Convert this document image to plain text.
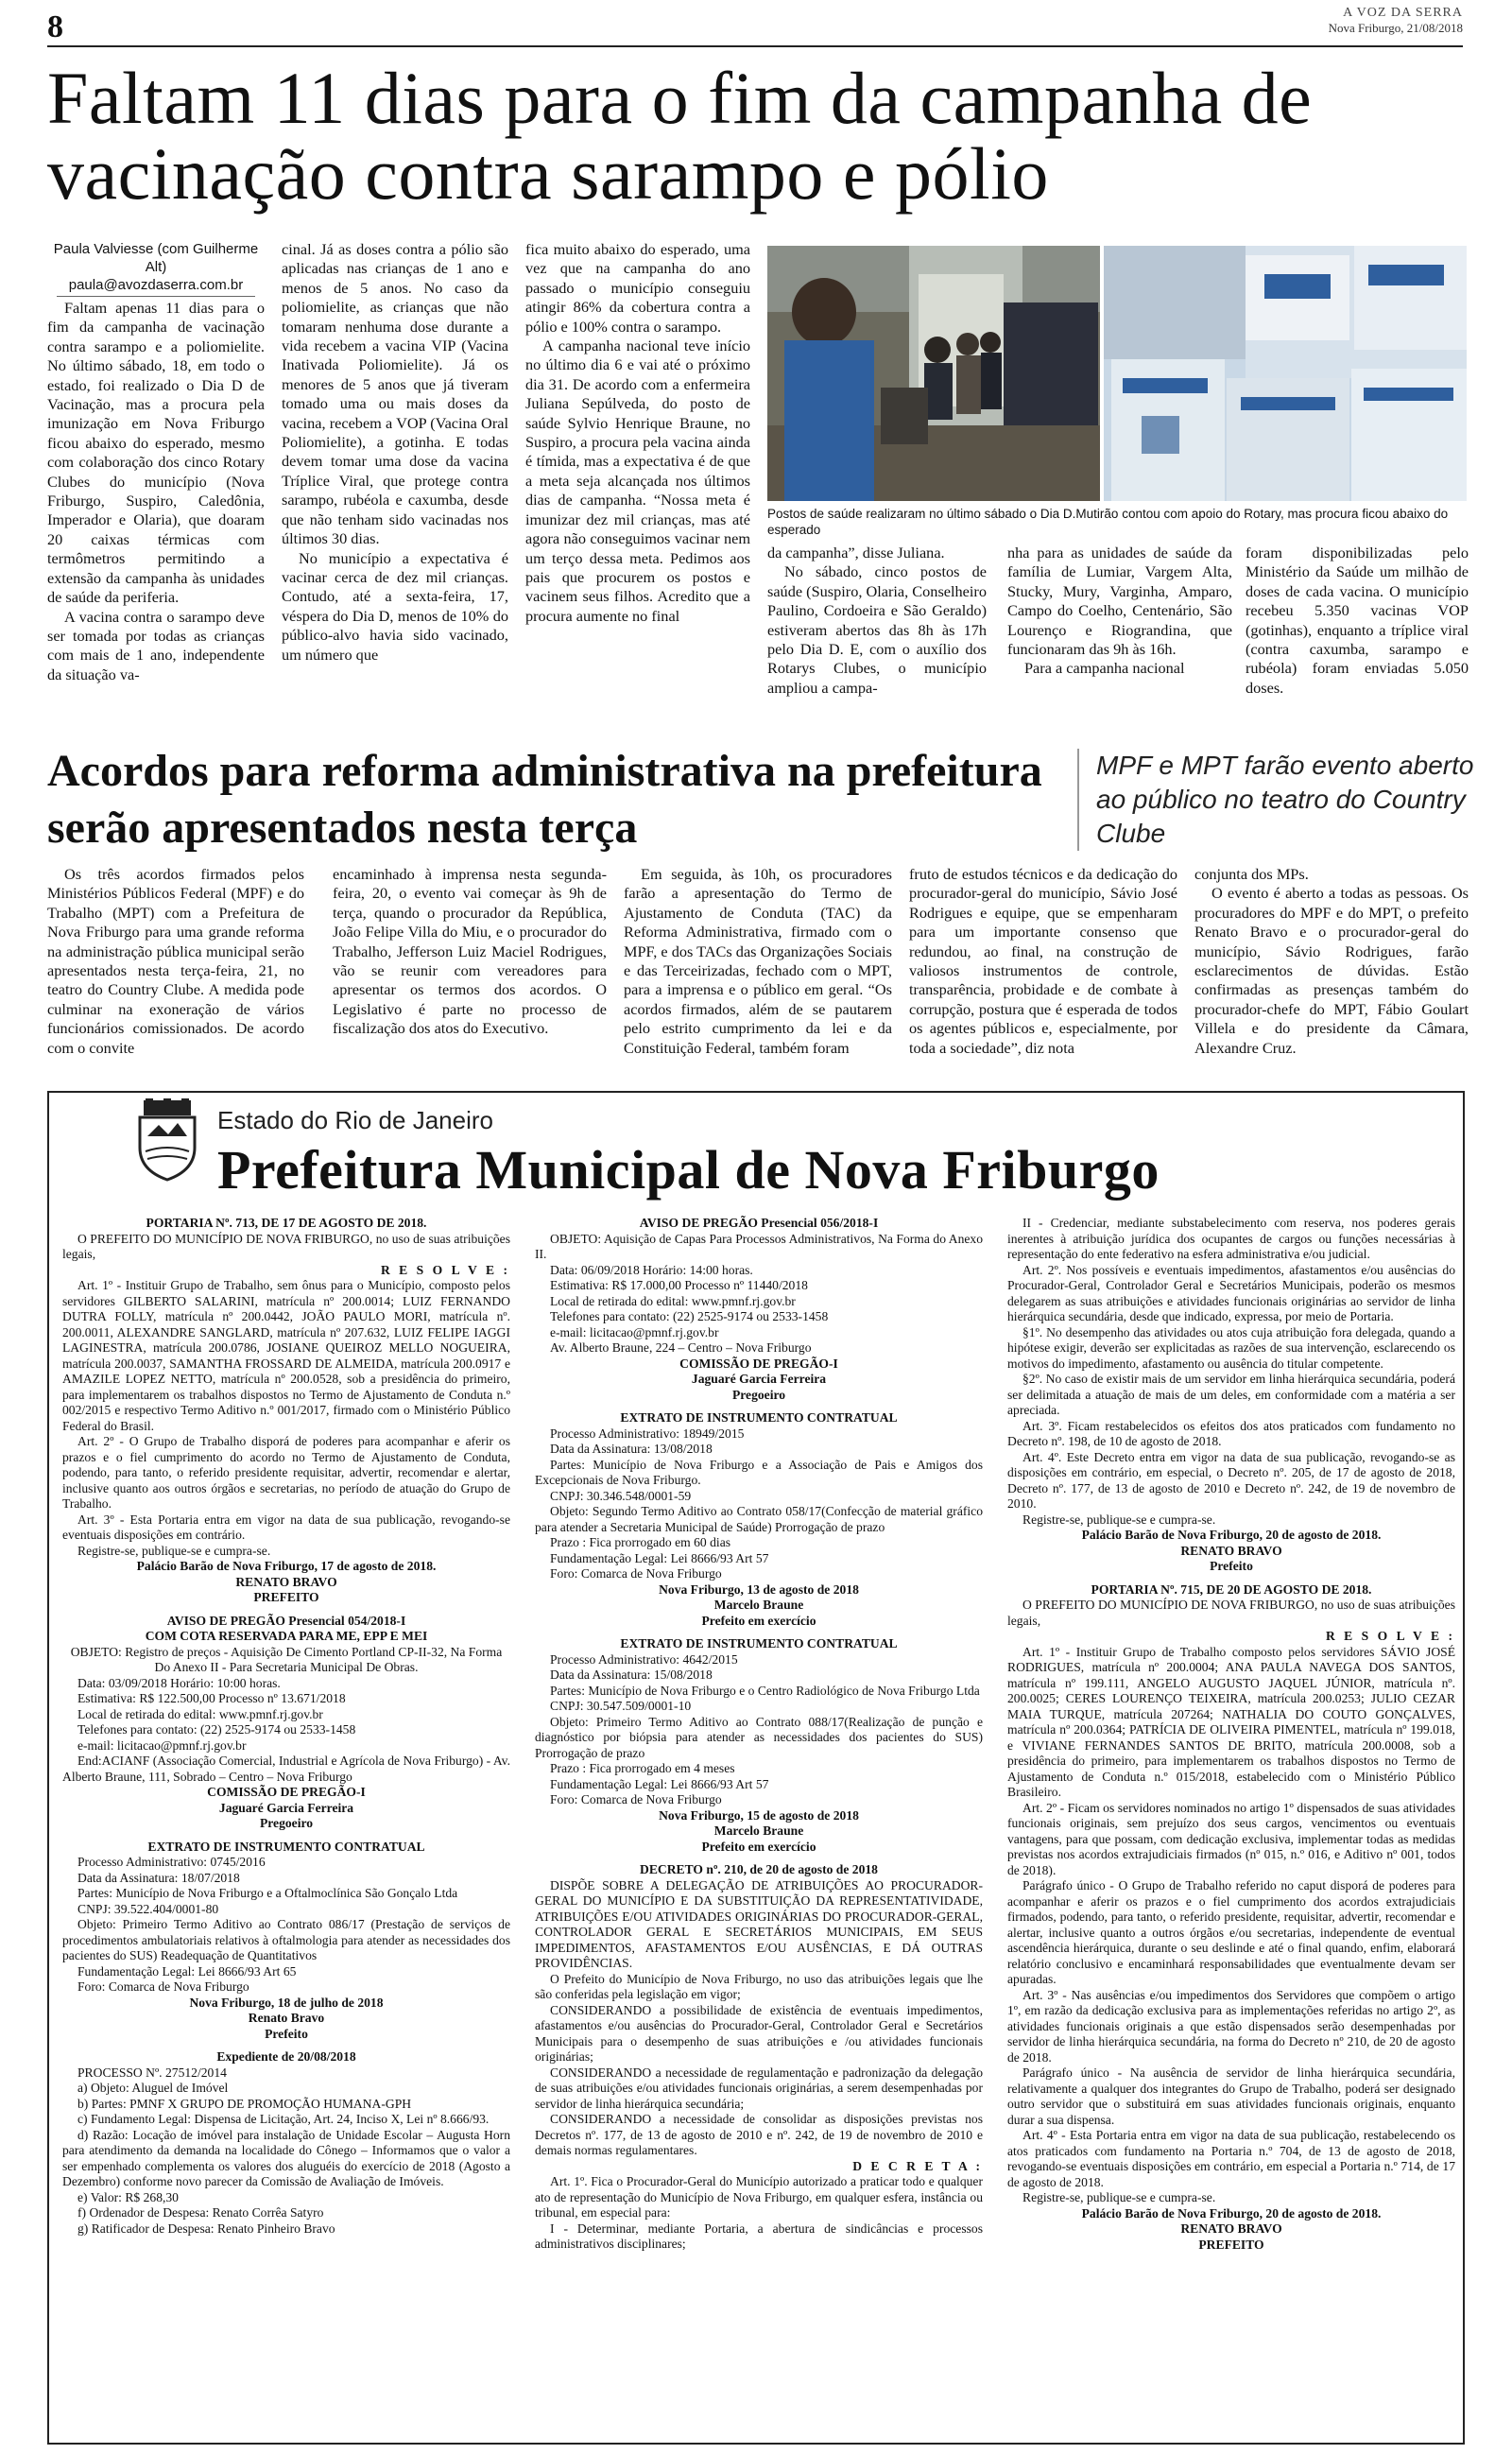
8	A VOZ DA SERRA
Nova Friburgo, 21/08/2018
Faltam 11 dias para o fim da campanha de vacinação contra sarampo e pólio
Paula Valviesse (com Guilherme Alt)
paula@avozdaserra.com.br

Faltam apenas 11 dias para o fim da campanha de vacinação contra sarampo e a poliomielite. No último sábado, 18, em todo o estado, foi realizado o Dia D de Vacinação, mas a procura pela imunização em Nova Friburgo ficou abaixo do esperado, mesmo com colaboração dos cinco Rotary Clubes do município (Nova Friburgo, Suspiro, Caledônia, Imperador e Olaria), que doaram 20 caixas térmicas com termômetros permitindo a extensão da campanha às unidades de saúde da periferia.

A vacina contra o sarampo deve ser tomada por todas as crianças com mais de 1 ano, independente da situação va-

cinal. Já as doses contra a pólio são aplicadas nas crianças de 1 ano e menos de 5 anos. No caso da poliomielite, as crianças que não tomaram nenhuma dose durante a vida recebem a vacina VIP (Vacina Inativada Poliomielite). Já os menores de 5 anos que já tiveram tomado uma ou mais doses da vacina, recebem a VOP (Vacina Oral Poliomielite), a gotinha. E todas devem tomar uma dose da vacina Tríplice Viral, que protege contra sarampo, rubéola e caxumba, desde que não tenham sido vacinadas nos últimos 30 dias.

No município a expectativa é vacinar cerca de dez mil crianças. Contudo, até a sexta-feira, 17, véspera do Dia D, menos de 10% do público-alvo havia sido vacinado, um número que

fica muito abaixo do esperado, uma vez que na campanha do ano passado o município conseguiu atingir 86% da cobertura contra a pólio e 100% contra o sarampo.

A campanha nacional teve início no último dia 6 e vai até o próximo dia 31. De acordo com a enfermeira Juliana Sepúlveda, do posto de saúde Sylvio Henrique Braune, no Suspiro, a procura pela vacina ainda é tímida, mas a expectativa é de que a meta seja alcançada nos últimos dias de campanha. “Nossa meta é imunizar dez mil crianças, mas até agora não conseguimos vacinar nem um terço dessa meta. Pedimos aos pais que procurem os postos e vacinem seus filhos. Acredito que a procura aumente no final

Postos de saúde realizaram no último sábado o Dia D.Mutirão contou com apoio do Rotary, mas procura ficou abaixo do esperado

da campanha”, disse Juliana.

No sábado, cinco postos de saúde (Suspiro, Olaria, Conselheiro Paulino, Cordoeira e São Geraldo) estiveram abertos das 8h às 17h pelo Dia D. E, com o auxílio dos Rotarys Clubes, o município ampliou a campa-

nha para as unidades de saúde da família de Lumiar, Vargem Alta, Stucky, Mury, Varginha, Amparo, Campo do Coelho, Centenário, São Lourenço e Riograndina, que funcionaram das 9h às 16h.

Para a campanha nacional

foram disponibilizadas pelo Ministério da Saúde um milhão de doses de cada vacina. O município recebeu 5.350 vacinas VOP (gotinhas), enquanto a tríplice viral (contra caxumba, sarampo e rubéola) foram enviadas 5.050 doses.

Acordos para reforma administrativa na prefeitura serão apresentados nesta terça
MPF e MPT farão evento aberto ao público no teatro do Country Clube

Os três acordos firmados pelos Ministérios Públicos Federal (MPF) e do Trabalho (MPT) com a Prefeitura de Nova Friburgo para uma grande reforma na administração pública municipal serão apresentados nesta terça-feira, 21, no teatro do Country Clube. A medida pode culminar na exoneração de vários funcionários comissionados. De acordo com o convite

encaminhado à imprensa nesta segunda-feira, 20, o evento vai começar às 9h de terça, quando o procurador da República, João Felipe Villa do Miu, e o procurador do Trabalho, Jefferson Luiz Maciel Rodrigues, vão se reunir com vereadores para apresentar os termos dos acordos. O Legislativo é parte no processo de fiscalização dos atos do Executivo.

Em seguida, às 10h, os procuradores farão a apresentação do Termo de Ajustamento de Conduta (TAC) da Reforma Administrativa, firmado com o MPF, e dos TACs das Organizações Sociais e das Terceirizadas, fechado com o MPT, para a imprensa e o público em geral. “Os acordos firmados, além de se pautarem pelo estrito cumprimento da lei e da Constituição Federal, também foram

fruto de estudos técnicos e da dedicação do procurador-geral do município, Sávio José Rodrigues e equipe, que se empenharam para um importante consenso que redundou, ao final, na construção de valiosos instrumentos de controle, transparência, probidade e de combate à corrupção, postura que é esperada de todos os agentes públicos e, especialmente, por toda a sociedade”, diz nota

conjunta dos MPs.

O evento é aberto a todas as pessoas. Os procuradores do MPF e do MPT, o prefeito Renato Bravo e o procurador-geral do município, Sávio Rodrigues, farão esclarecimentos de dúvidas. Estão confirmadas as presenças também do procurador-chefe do MPT, Fábio Goulart Villela e do presidente da Câmara, Alexandre Cruz.

Estado do Rio de Janeiro
Prefeitura Municipal de Nova Friburgo

PORTARIA Nº. 713, DE 17 DE AGOSTO DE 2018.

O PREFEITO DO MUNICÍPIO DE NOVA FRIBURGO, no uso de suas atribuições legais,

R E S O L V E :

Art. 1º - Instituir Grupo de Trabalho, sem ônus para o Município, composto pelos servidores GILBERTO SALARINI, matrícula nº 200.0014; LUIZ FERNANDO DUTRA FOLLY, matrícula nº 200.0442, JOÃO PAULO MORI, matrícula nº. 200.0011, ALEXANDRE SANGLARD, matrícula nº 207.632, LUIZ FELIPE IAGGI LAGINESTRA, matrícula 200.0786, JOSIANE QUEIROZ MELLO NOGUEIRA, matrícula 200.0037, SAMANTHA FROSSARD DE ALMEIDA, matrícula 200.0917 e AMAZILE LOPEZ NETTO, matrícula nº 200.0528, sob a presidência do primeiro, para implementarem os trabalhos dispostos no Termo de Ajustamento de Conduta n.º 002/2015 e respectivo Termo Aditivo n.º 001/2017, firmado com o Ministério Público Federal do Brasil.

Art. 2º - O Grupo de Trabalho disporá de poderes para acompanhar e aferir os prazos e o fiel cumprimento do acordo no Termo de Ajustamento de Conduta, podendo, para tanto, o referido presidente requisitar, advertir, recomendar e alertar, inclusive quanto aos outros órgãos e secretarias, no período de atuação do Grupo de Trabalho.

Art. 3º - Esta Portaria entra em vigor na data de sua publicação, revogando-se eventuais disposições em contrário.

Registre-se, publique-se e cumpra-se.

Palácio Barão de Nova Friburgo, 17 de agosto de 2018.

RENATO BRAVO

PREFEITO

AVISO DE PREGÃO Presencial 054/2018-I

COM COTA RESERVADA PARA ME, EPP E MEI

OBJETO: Registro de preços - Aquisição De Cimento Portland CP-II-32, Na Forma Do Anexo II - Para Secretaria Municipal De Obras.

Data: 03/09/2018 Horário: 10:00 horas.

Estimativa: R$ 122.500,00 Processo nº 13.671/2018

Local de retirada do edital: www.pmnf.rj.gov.br

Telefones para contato: (22) 2525-9174 ou 2533-1458

e-mail: licitacao@pmnf.rj.gov.br

End:ACIANF (Associação Comercial, Industrial e Agrícola de Nova Friburgo) - Av. Alberto Braune, 111, Sobrado – Centro – Nova Friburgo

COMISSÃO DE PREGÃO-I

Jaguaré Garcia Ferreira

Pregoeiro

EXTRATO DE INSTRUMENTO CONTRATUAL

Processo Administrativo: 0745/2016

Data da Assinatura: 18/07/2018

Partes: Município de Nova Friburgo e a Oftalmoclínica São Gonçalo Ltda

CNPJ: 39.522.404/0001-80

Objeto: Primeiro Termo Aditivo ao Contrato 086/17 (Prestação de serviços de procedimentos ambulatoriais relativos à oftalmologia para atender as necessidades dos pacientes do SUS) Readequação de Quantitativos

Fundamentação Legal: Lei 8666/93 Art 65

Foro: Comarca de Nova Friburgo

Nova Friburgo, 18 de julho de 2018

Renato Bravo

Prefeito

Expediente de 20/08/2018

PROCESSO Nº. 27512/2014

a) Objeto: Aluguel de Imóvel

b) Partes: PMNF X GRUPO DE PROMOÇÃO HUMANA-GPH

c) Fundamento Legal: Dispensa de Licitação, Art. 24, Inciso X, Lei nº 8.666/93.

d) Razão: Locação de imóvel para instalação de Unidade Escolar – Augusta Horn para atendimento da demanda na localidade do Cônego – Informamos que o valor a ser empenhado complementa os valores dos aluguéis do exercício de 2018 (Agosto a Dezembro) conforme novo parecer da Comissão de Avaliação de Imóveis.

e) Valor: R$ 268,30

f) Ordenador de Despesa: Renato Corrêa Satyro

g) Ratificador de Despesa: Renato Pinheiro Bravo

AVISO DE PREGÃO Presencial 056/2018-I

OBJETO: Aquisição de Capas Para Processos Administrativos, Na Forma do Anexo II.

Data: 06/09/2018 Horário: 14:00 horas.

Estimativa: R$ 17.000,00 Processo nº 11440/2018

Local de retirada do edital: www.pmnf.rj.gov.br

Telefones para contato: (22) 2525-9174 ou 2533-1458

e-mail: licitacao@pmnf.rj.gov.br

Av. Alberto Braune, 224 – Centro – Nova Friburgo

COMISSÃO DE PREGÃO-I

Jaguaré Garcia Ferreira

Pregoeiro

EXTRATO DE INSTRUMENTO CONTRATUAL

Processo Administrativo: 18949/2015

Data da Assinatura: 13/08/2018

Partes: Município de Nova Friburgo e a Associação de Pais e Amigos dos Excepcionais de Nova Friburgo.

CNPJ: 30.346.548/0001-59

Objeto: Segundo Termo Aditivo ao Contrato 058/17(Confecção de material gráfico para atender a Secretaria Municipal de Saúde) Prorrogação de prazo

Prazo : Fica prorrogado em 60 dias

Fundamentação Legal: Lei 8666/93 Art 57

Foro: Comarca de Nova Friburgo

Nova Friburgo, 13 de agosto de 2018

Marcelo Braune

Prefeito em exercício

EXTRATO DE INSTRUMENTO CONTRATUAL

Processo Administrativo: 4642/2015

Data da Assinatura: 15/08/2018

Partes: Município de Nova Friburgo e o Centro Radiológico de Nova Friburgo Ltda

CNPJ: 30.547.509/0001-10

Objeto: Primeiro Termo Aditivo ao Contrato 088/17(Realização de punção e diagnóstico por biópsia para atender as necessidades dos pacientes do SUS) Prorrogação de prazo

Prazo : Fica prorrogado em 4 meses

Fundamentação Legal: Lei 8666/93 Art 57

Foro: Comarca de Nova Friburgo

Nova Friburgo, 15 de agosto de 2018

Marcelo Braune

Prefeito em exercício

DECRETO nº. 210, de 20 de agosto de 2018

DISPÕE SOBRE A DELEGAÇÃO DE ATRIBUIÇÕES AO PROCURADOR-GERAL DO MUNICÍPIO E DA SUBSTITUIÇÃO DA REPRESENTATIVIDADE, ATRIBUIÇÕES E/OU ATIVIDADES ORIGINÁRIAS DO PROCURADOR-GERAL, CONTROLADOR GERAL E SECRETÁRIOS MUNICIPAIS, EM SEUS IMPEDIMENTOS, AFASTAMENTOS E/OU AUSÊNCIAS, E DÁ OUTRAS PROVIDÊNCIAS.

O Prefeito do Município de Nova Friburgo, no uso das atribuições legais que lhe são conferidas pela legislação em vigor;

CONSIDERANDO a possibilidade de existência de eventuais impedimentos, afastamentos e/ou ausências do Procurador-Geral, Controlador Geral e Secretários Municipais para o desempenho de suas atribuições e /ou atividades funcionais originárias;

CONSIDERANDO a necessidade de regulamentação e padronização da delegação de suas atribuições e/ou atividades funcionais originárias, a serem desempenhadas por servidor de linha hierárquica secundária;

CONSIDERANDO a necessidade de consolidar as disposições previstas nos Decretos nº. 177, de 13 de agosto de 2010 e nº. 242, de 19 de novembro de 2010 e demais normas regulamentares.

D E C R E T A :

Art. 1º. Fica o Procurador-Geral do Município autorizado a praticar todo e qualquer ato de representação do Município de Nova Friburgo, em qualquer esfera, instância ou tribunal, em especial para:

I - Determinar, mediante Portaria, a abertura de sindicâncias e processos administrativos disciplinares;

II - Credenciar, mediante substabelecimento com reserva, nos poderes gerais inerentes à atribuição jurídica dos ocupantes de cargos ou funções necessárias à representação do ente federativo na esfera administrativa e/ou judicial.

Art. 2º. Nos possíveis e eventuais impedimentos, afastamentos e/ou ausências do Procurador-Geral, Controlador Geral e Secretários Municipais, poderão os mesmos delegarem as suas atribuições e atividades funcionais originárias ao servidor de linha hierárquica secundária, desde que indicado, expressa, por meio de Portaria.

§1º. No desempenho das atividades ou atos cuja atribuição fora delegada, quando a hipótese exigir, deverão ser explicitadas as razões de sua intervenção, esclarecendo os motivos do impedimento, afastamento ou ausência do titular competente.

§2º. No caso de existir mais de um servidor em linha hierárquica secundária, poderá ser delimitada a atuação de mais de um deles, em conformidade com a matéria a ser apreciada.

Art. 3º. Ficam restabelecidos os efeitos dos atos praticados com fundamento no Decreto nº. 198, de 10 de agosto de 2018.

Art. 4º. Este Decreto entra em vigor na data de sua publicação, revogando-se as disposições em contrário, em especial, o Decreto nº. 205, de 17 de agosto de 2018, Decreto nº. 177, de 13 de agosto de 2010 e Decreto nº. 242, de 19 de novembro de 2010.

Registre-se, publique-se e cumpra-se.

Palácio Barão de Nova Friburgo, 20 de agosto de 2018.

RENATO BRAVO

Prefeito

PORTARIA Nº. 715, DE 20 DE AGOSTO DE 2018.

O PREFEITO DO MUNICÍPIO DE NOVA FRIBURGO, no uso de suas atribuições legais,

R E S O L V E :

Art. 1º - Instituir Grupo de Trabalho composto pelos servidores SÁVIO JOSÉ RODRIGUES, matrícula nº 200.0004; ANA PAULA NAVEGA DOS SANTOS, matrícula nº 199.111, ANGELO AUGUSTO JAQUEL JÚNIOR, matrícula nº. 200.0025; CERES LOURENÇO TEIXEIRA, matrícula 200.0253; JULIO CEZAR MAIA TURQUE, matrícula 207264; NATHALIA DO COUTO GONÇALVES, matrícula nº 200.0364; PATRÍCIA DE OLIVEIRA PIMENTEL, matrícula nº 199.018, e VIVIANE FERNANDES SANTOS DE BRITO, matrícula 200.0008, sob a presidência do primeiro, para implementarem os trabalhos dispostos no Termo de Ajustamento de Conduta n.º 015/2018, estabelecido com o Ministério Público Brasileiro.

Art. 2º - Ficam os servidores nominados no artigo 1º dispensados de suas atividades funcionais originais, sem prejuízo dos seus cargos, vencimentos ou eventuais vantagens, para que possam, com dedicação exclusiva, implementar todas as medidas previstas nos acordos extrajudiciais firmados (nº 015, n.º 016, e Aditivo nº 001, todos de 2018).

Parágrafo único - O Grupo de Trabalho referido no caput disporá de poderes para acompanhar e aferir os prazos e o fiel cumprimento dos acordos extrajudiciais firmados, podendo, para tanto, o referido presidente, requisitar, advertir, recomendar e alertar, inclusive quanto a outros órgãos e/ou secretarias, independente de eventual ascendência hierárquica, durante o seu deslinde e até o final quando, enfim, elaborará relatório conclusivo e encaminhará responsabilidades que eventualmente devam ser apuradas.

Art. 3º - Nas ausências e/ou impedimentos dos Servidores que compõem o artigo 1º, em razão da dedicação exclusiva para as implementações referidas no artigo 2º, as atividades funcionais originais a que estão dispensados serão desempenhadas por servidor de linha hierárquica secundária, na forma do Decreto nº 210, de 20 de agosto de 2018.

Parágrafo único - Na ausência de servidor de linha hierárquica secundária, relativamente a qualquer dos integrantes do Grupo de Trabalho, poderá ser designado outro servidor que o substituirá em suas atividades funcionais originais, enquanto durar a sua dispensa.

Art. 4º - Esta Portaria entra em vigor na data de sua publicação, restabelecendo os atos praticados com fundamento na Portaria n.º 704, de 13 de agosto de 2018, revogando-se eventuais disposições em contrário, em especial a Portaria n.º 714, de 17 de agosto de 2018.

Registre-se, publique-se e cumpra-se.

Palácio Barão de Nova Friburgo, 20 de agosto de 2018.

RENATO BRAVO

PREFEITO
